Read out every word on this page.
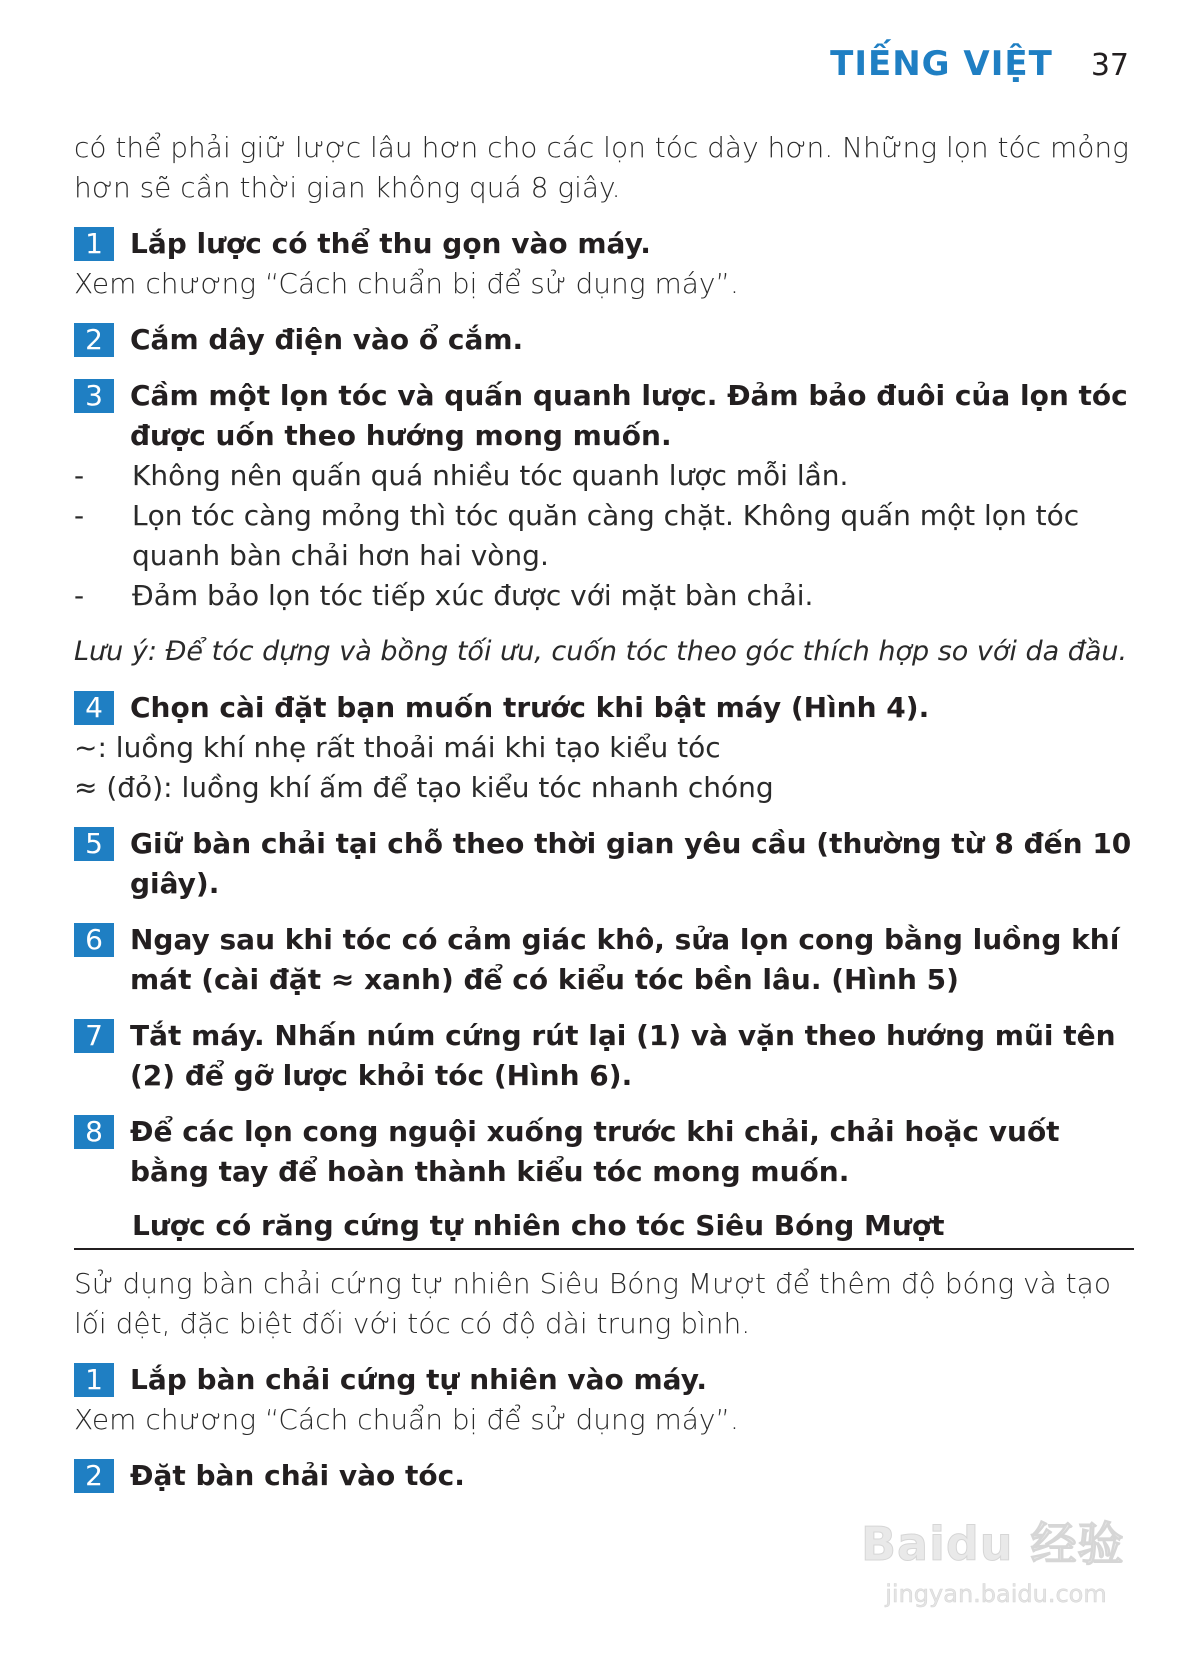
TIẾNG VIỆT 37

có thể phải giữ lược lâu hơn cho các lọn tóc dày hơn. Những lọn tóc mỏng hơn sẽ cần thời gian không quá 8 giây.

1 Lắp lược có thể thu gọn vào máy.

Xem chương “Cách chuẩn bị để sử dụng máy”.

2 Cắm dây điện vào ổ cắm.
3 Cầm một lọn tóc và quấn quanh lược. Đảm bảo đuôi của lọn tóc được uốn theo hướng mong muốn.
-	Không nên quấn quá nhiều tóc quanh lược mỗi lần.
-	Lọn tóc càng mỏng thì tóc quăn càng chặt. Không quấn một lọn tóc quanh bàn chải hơn hai vòng.
-	Đảm bảo lọn tóc tiếp xúc được với mặt bàn chải.

Lưu ý: Để tóc dựng và bồng tối ưu, cuốn tóc theo góc thích hợp so với da đầu.

4 Chọn cài đặt bạn muốn trước khi bật máy (Hình 4).

~: luồng khí nhẹ rất thoải mái khi tạo kiểu tóc

≈ (đỏ): luồng khí ấm để tạo kiểu tóc nhanh chóng

5 Giữ bàn chải tại chỗ theo thời gian yêu cầu (thường từ 8 đến 10 giây).
6 Ngay sau khi tóc có cảm giác khô, sửa lọn cong bằng luồng khí mát (cài đặt ≈ xanh) để có kiểu tóc bền lâu. (Hình 5)
7 Tắt máy. Nhấn núm cứng rút lại (1) và vặn theo hướng mũi tên (2) để gỡ lược khỏi tóc (Hình 6).
8 Để các lọn cong nguội xuống trước khi chải, chải hoặc vuốt bằng tay để hoàn thành kiểu tóc mong muốn.
Lược có răng cứng tự nhiên cho tóc Siêu Bóng Mượt

Sử dụng bàn chải cứng tự nhiên Siêu Bóng Mượt để thêm độ bóng và tạo lối dệt, đặc biệt đối với tóc có độ dài trung bình.

1 Lắp bàn chải cứng tự nhiên vào máy.

Xem chương “Cách chuẩn bị để sử dụng máy”.

2 Đặt bàn chải vào tóc.
Baidu 经验
jingyan.baidu.com
